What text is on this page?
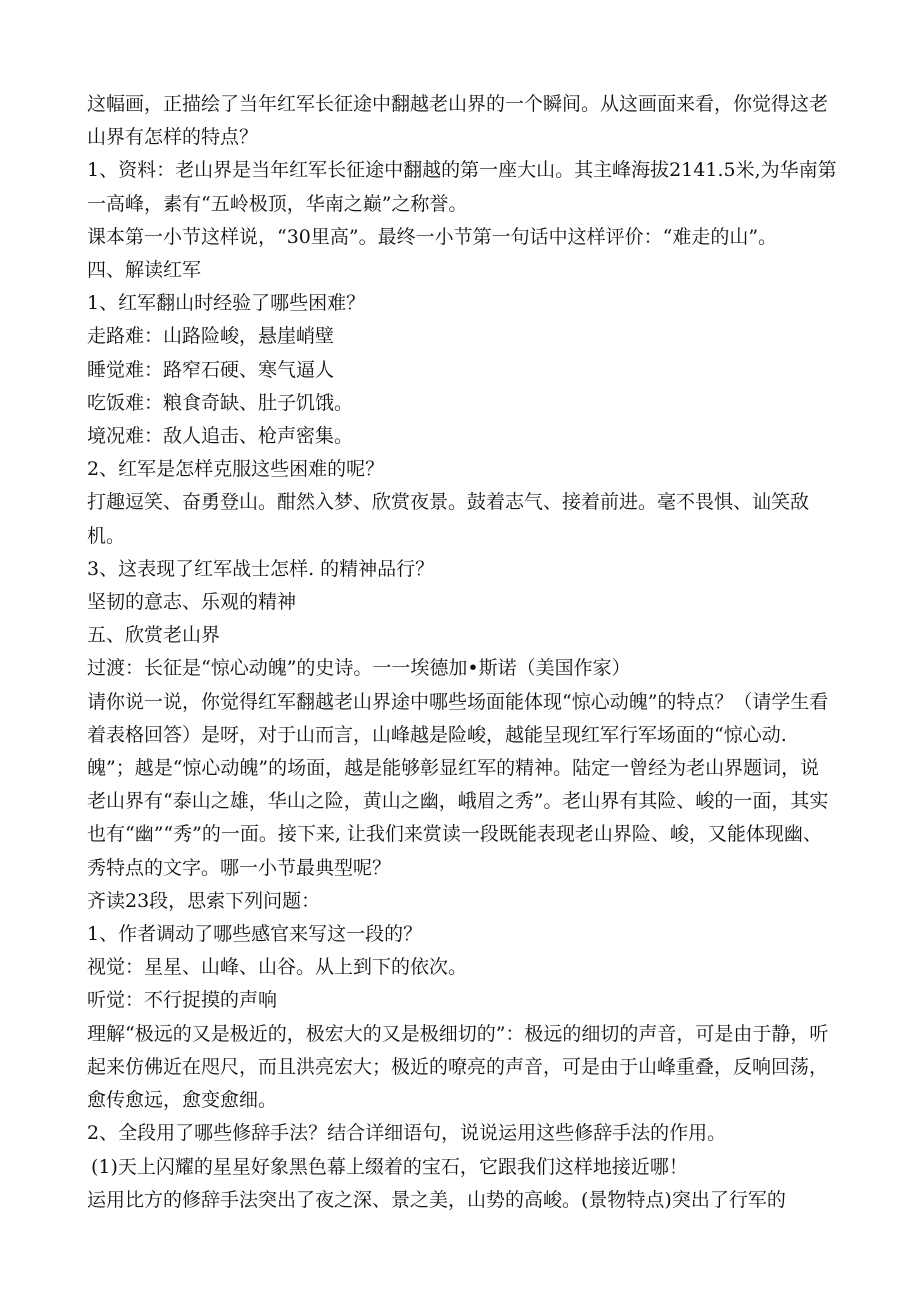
这幅画，正描绘了当年红军长征途中翻越老山界的一个瞬间。从这画面来看，你觉得这老山界有怎样的特点？

1、资料：老山界是当年红军长征途中翻越的第一座大山。其主峰海拔2141.5米,为华南第一高峰，素有“五岭极顶，华南之巅”之称誉。

课本第一小节这样说，“30里高”。最终一小节第一句话中这样评价：“难走的山”。

四、解读红军

1、红军翻山时经验了哪些困难？

走路难：山路险峻，悬崖峭壁

睡觉难：路窄石硬、寒气逼人

吃饭难：粮食奇缺、肚子饥饿。

境况难：敌人追击、枪声密集。

2、红军是怎样克服这些困难的呢？

打趣逗笑、奋勇登山。酣然入梦、欣赏夜景。鼓着志气、接着前进。毫不畏惧、讪笑敌机。

3、这表现了红军战士怎样. 的精神品行？

坚韧的意志、乐观的精神

五、欣赏老山界

过渡：长征是“惊心动魄”的史诗。一一埃德加•斯诺（美国作家）

请你说一说，你觉得红军翻越老山界途中哪些场面能体现“惊心动魄”的特点？（请学生看着表格回答）是呀，对于山而言，山峰越是险峻，越能呈现红军行军场面的“惊心动. 魄”；越是“惊心动魄”的场面，越是能够彰显红军的精神。陆定一曾经为老山界题词，说老山界有“泰山之雄，华山之险，黄山之幽，峨眉之秀”。老山界有其险、峻的一面，其实也有“幽”“秀”的一面。接下来, 让我们来赏读一段既能表现老山界险、峻，又能体现幽、秀特点的文字。哪一小节最典型呢？

齐读23段，思索下列问题：

1、作者调动了哪些感官来写这一段的？

视觉：星星、山峰、山谷。从上到下的依次。

听觉：不行捉摸的声响

理解“极远的又是极近的，极宏大的又是极细切的”：极远的细切的声音，可是由于静，听起来仿佛近在咫尺，而且洪亮宏大；极近的嘹亮的声音，可是由于山峰重叠，反响回荡，愈传愈远，愈变愈细。

2、全段用了哪些修辞手法？结合详细语句，说说运用这些修辞手法的作用。

(1)天上闪耀的星星好象黑色幕上缀着的宝石，它跟我们这样地接近哪！

运用比方的修辞手法突出了夜之深、景之美，山势的高峻。(景物特点)突出了行军的
